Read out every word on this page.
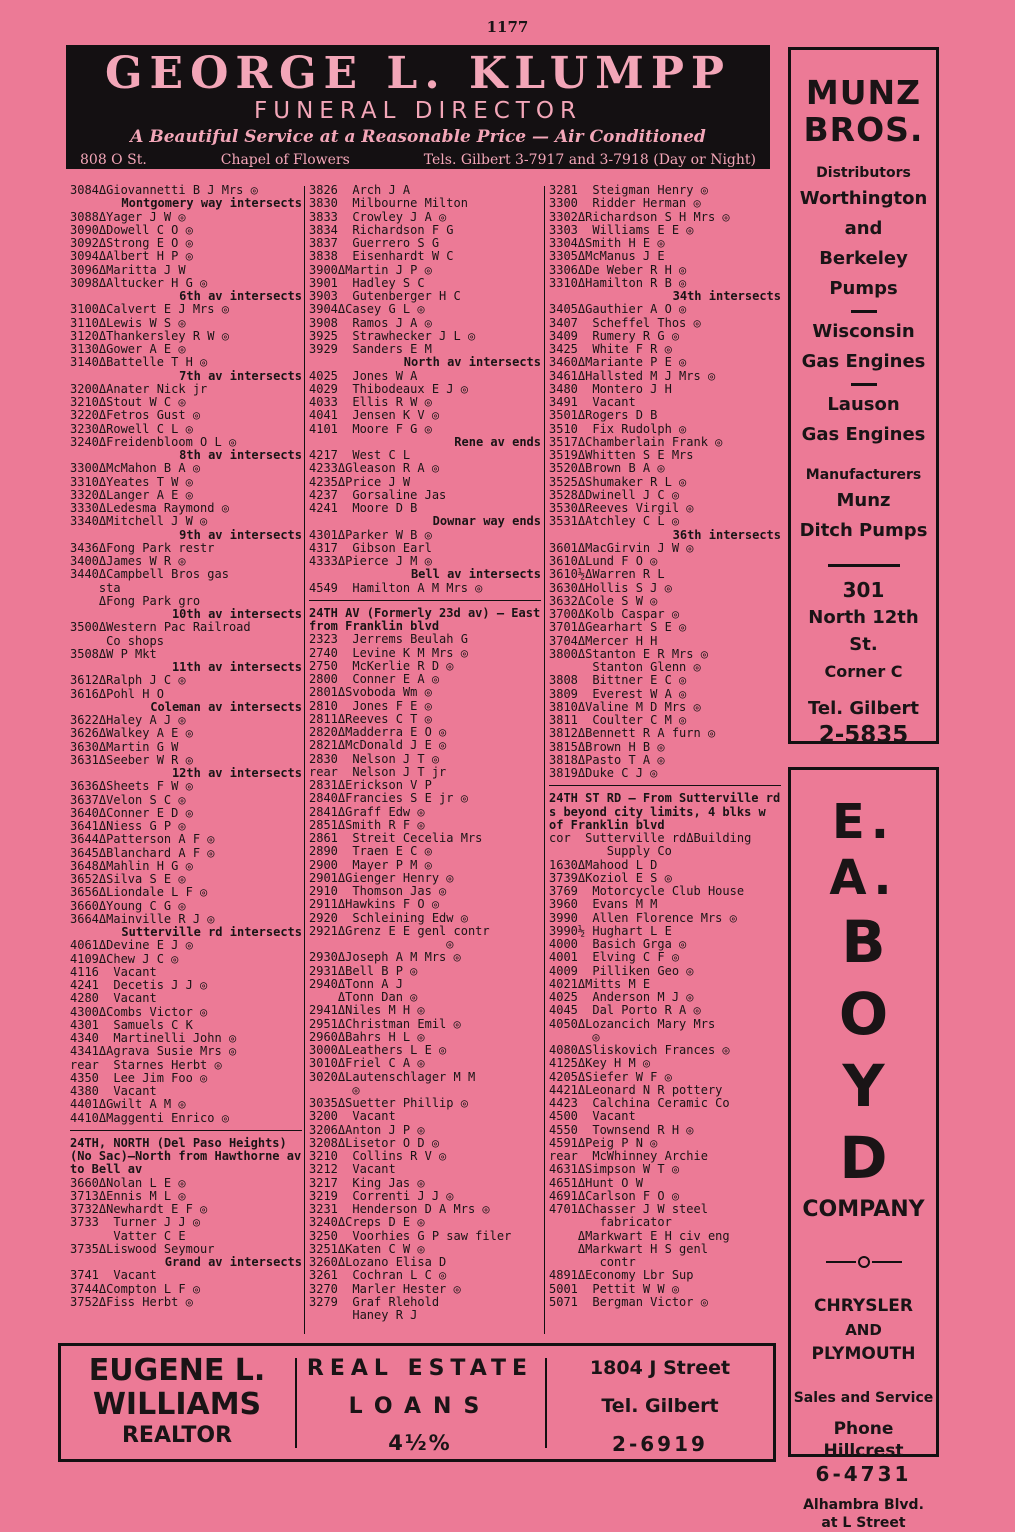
1177
GEORGE L. KLUMPP
FUNERAL DIRECTOR
A Beautiful Service at a Reasonable Price — Air Conditioned
808 O St.	Chapel of Flowers	Tels. Gilbert 3-7917 and 3-7918 (Day or Night)
MUNZ
BROS.
Distributors
Worthington
and
Berkeley
Pumps
Wisconsin
Gas Engines
Lauson
Gas Engines
Manufacturers
Munz
Ditch Pumps
301
North 12th St.
Corner C
Tel. Gilbert
2-5835
E. A.
B
O
Y
D
COMPANY
CHRYSLER
AND
PLYMOUTH
Sales and Service
Phone Hillcrest
6-4731
Alhambra Blvd.
at L Street
3084ΔGiovannetti B J Mrs ◎
Montgomery way intersects
3088ΔYager J W ◎
3090ΔDowell C O ◎
3092ΔStrong E O ◎
3094ΔAlbert H P ◎
3096ΔMaritta J W
3098ΔAltucker H G ◎
6th av intersects
3100ΔCalvert E J Mrs ◎
3110ΔLewis W S ◎
3120ΔThankersley R W ◎
3130ΔGower A E ◎
3140ΔBattelle T H ◎
7th av intersects
3200ΔAnater Nick jr
3210ΔStout W C ◎
3220ΔFetros Gust ◎
3230ΔRowell C L ◎
3240ΔFreidenbloom O L ◎
8th av intersects
3300ΔMcMahon B A ◎
3310ΔYeates T W ◎
3320ΔLanger A E ◎
3330ΔLedesma Raymond ◎
3340ΔMitchell J W ◎
9th av intersects
3436ΔFong Park restr
3400ΔJames W R ◎
3440ΔCampbell Bros gas
sta
ΔFong Park gro
10th av intersects
3500ΔWestern Pac Railroad
Co shops
3508ΔW P Mkt
11th av intersects
3612ΔRalph J C ◎
3616ΔPohl H O
Coleman av intersects
3622ΔHaley A J ◎
3626ΔWalkey A E ◎
3630ΔMartin G W
3631ΔSeeber W R ◎
12th av intersects
3636ΔSheets F W ◎
3637ΔVelon S C ◎
3640ΔConner E D ◎
3641ΔNiess G P ◎
3644ΔPatterson A F ◎
3645ΔBlanchard A F ◎
3648ΔMahlin H G ◎
3652ΔSilva S E ◎
3656ΔLiondale L F ◎
3660ΔYoung C G ◎
3664ΔMainville R J ◎
Sutterville rd intersects
4061ΔDevine E J ◎
4109ΔChew J C ◎
4116  Vacant
4241  Decetis J J ◎
4280  Vacant
4300ΔCombs Victor ◎
4301  Samuels C K
4340  Martinelli John ◎
4341ΔAgrava Susie Mrs ◎
rear  Starnes Herbt ◎
4350  Lee Jim Foo ◎
4380  Vacant
4401ΔGwilt A M ◎
4410ΔMaggenti Enrico ◎
24TH, NORTH (Del Paso Heights) (No Sac)—North from Hawthorne av to Bell av
3660ΔNolan L E ◎
3713ΔEnnis M L ◎
3732ΔNewhardt E F ◎
3733  Turner J J ◎
Vatter C E
3735ΔLiswood Seymour
Grand av intersects
3741  Vacant
3744ΔCompton L F ◎
3752ΔFiss Herbt ◎
3826  Arch J A
3830  Milbourne Milton
3833  Crowley J A ◎
3834  Richardson F G
3837  Guerrero S G
3838  Eisenhardt W C
3900ΔMartin J P ◎
3901  Hadley S C
3903  Gutenberger H C
3904ΔCasey G L ◎
3908  Ramos J A ◎
3925  Strawhecker J L ◎
3929  Sanders E M
North av intersects
4025  Jones W A
4029  Thibodeaux E J ◎
4033  Ellis R W ◎
4041  Jensen K V ◎
4101  Moore F G ◎
Rene av ends
4217  West C L
4233ΔGleason R A ◎
4235ΔPrice J W
4237  Gorsaline Jas
4241  Moore D B
Downar way ends
4301ΔParker W B ◎
4317  Gibson Earl
4333ΔPierce J M ◎
Bell av intersects
4549  Hamilton A M Mrs ◎
24TH AV (Formerly 23d av) — East from Franklin blvd
2323  Jerrems Beulah G
2740  Levine K M Mrs ◎
2750  McKerlie R D ◎
2800  Conner E A ◎
2801ΔSvoboda Wm ◎
2810  Jones F E ◎
2811ΔReeves C T ◎
2820ΔMadderra E O ◎
2821ΔMcDonald J E ◎
2830  Nelson J T ◎
rear  Nelson J T jr
2831ΔErickson V P
2840ΔFrancies S E jr ◎
2841ΔGraff Edw ◎
2851ΔSmith R F ◎
2861  Streit Cecelia Mrs
2890  Traen E C ◎
2900  Mayer P M ◎
2901ΔGienger Henry ◎
2910  Thomson Jas ◎
2911ΔHawkins F O ◎
2920  Schleining Edw ◎
2921ΔGrenz E E genl contr
◎
2930ΔJoseph A M Mrs ◎
2931ΔBell B P ◎
2940ΔTonn A J
ΔTonn Dan ◎
2941ΔNiles M H ◎
2951ΔChristman Emil ◎
2960ΔBahrs H L ◎
3000ΔLeathers L E ◎
3010ΔFriel C A ◎
3020ΔLautenschlager M M
◎
3035ΔSuetter Phillip ◎
3200  Vacant
3206ΔAnton J P ◎
3208ΔLisetor O D ◎
3210  Collins R V ◎
3212  Vacant
3217  King Jas ◎
3219  Correnti J J ◎
3231  Henderson D A Mrs ◎
3240ΔCreps D E ◎
3250  Voorhies G P saw filer
3251ΔKaten C W ◎
3260ΔLozano Elisa D
3261  Cochran L C ◎
3270  Marler Hester ◎
3279  Graf Rlehold
Haney R J
3281  Steigman Henry ◎
3300  Ridder Herman ◎
3302ΔRichardson S H Mrs ◎
3303  Williams E E ◎
3304ΔSmith H E ◎
3305ΔMcManus J E
3306ΔDe Weber R H ◎
3310ΔHamilton R B ◎
34th intersects
3405ΔGauthier A O ◎
3407  Scheffel Thos ◎
3409  Rumery R G ◎
3425  White F R ◎
3460ΔMariante P E ◎
3461ΔHallsted M J Mrs ◎
3480  Montero J H
3491  Vacant
3501ΔRogers D B
3510  Fix Rudolph ◎
3517ΔChamberlain Frank ◎
3519ΔWhitten S E Mrs
3520ΔBrown B A ◎
3525ΔShumaker R L ◎
3528ΔDwinell J C ◎
3530ΔReeves Virgil ◎
3531ΔAtchley C L ◎
36th intersects
3601ΔMacGirvin J W ◎
3610ΔLund F O ◎
3610½ΔWarren R L
3630ΔHollis S J ◎
3632ΔCole S W ◎
3700ΔKolb Caspar ◎
3701ΔGearhart S E ◎
3704ΔMercer H H
3800ΔStanton E R Mrs ◎
Stanton Glenn ◎
3808  Bittner E C ◎
3809  Everest W A ◎
3810ΔValine M D Mrs ◎
3811  Coulter C M ◎
3812ΔBennett R A furn ◎
3815ΔBrown H B ◎
3818ΔPasto T A ◎
3819ΔDuke C J ◎
24TH ST RD — From Sutterville rd s beyond city limits, 4 blks w of Franklin blvd
cor  Sutterville rdΔBuilding
Supply Co
1630ΔMahood L D
3739ΔKoziol E S ◎
3769  Motorcycle Club House
3960  Evans M M
3990  Allen Florence Mrs ◎
3990½ Hughart L E
4000  Basich Grga ◎
4001  Elving C F ◎
4009  Pilliken Geo ◎
4021ΔMitts M E
4025  Anderson M J ◎
4045  Dal Porto R A ◎
4050ΔLozancich Mary Mrs
◎
4080ΔSliskovich Frances ◎
4125ΔKey H M ◎
4205ΔSiefer W F ◎
4421ΔLeonard N R pottery
4423  Calchina Ceramic Co
4500  Vacant
4550  Townsend R H ◎
4591ΔPeig P N ◎
rear  McWhinney Archie
4631ΔSimpson W T ◎
4651ΔHunt O W
4691ΔCarlson F O ◎
4701ΔChasser J W steel
fabricator
ΔMarkwart E H civ eng
ΔMarkwart H S genl
contr
4891ΔEconomy Lbr Sup
5001  Pettit W W ◎
5071  Bergman Victor ◎
EUGENE L.
WILLIAMS
REALTOR
REAL ESTATE
LOANS
4½%
1804 J Street
Tel. Gilbert
2-6919
